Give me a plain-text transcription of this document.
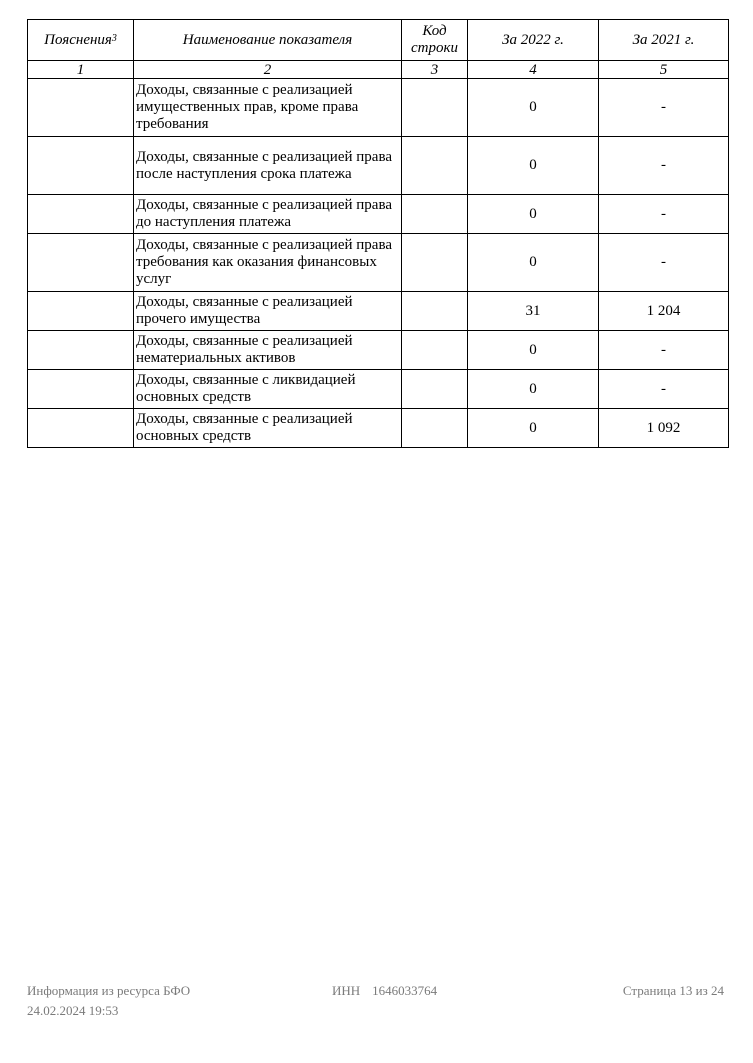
Пояснения$^3$	Наименование показателя	Код строки	За 2022 г.	За 2021 г.
1	2	3	4	5
	Доходы, связанные с реализацией имущественных прав, кроме права требования		0	-
	Доходы, связанные с реализацией права после наступления срока платежа		0	-
	Доходы, связанные с реализацией права до наступления платежа		0	-
	Доходы, связанные с реализацией права требования как оказания финансовых услуг		0	-
	Доходы, связанные с реализацией прочего имущества		31	1 204
	Доходы, связанные с реализацией нематериальных активов		0	-
	Доходы, связанные с ликвидацией основных средств		0	-
	Доходы, связанные с реализацией основных средств		0	1 092
Информация из ресурса БФО
24.02.2024 19:53
ИНН 1646033764	Страница 13 из 24
